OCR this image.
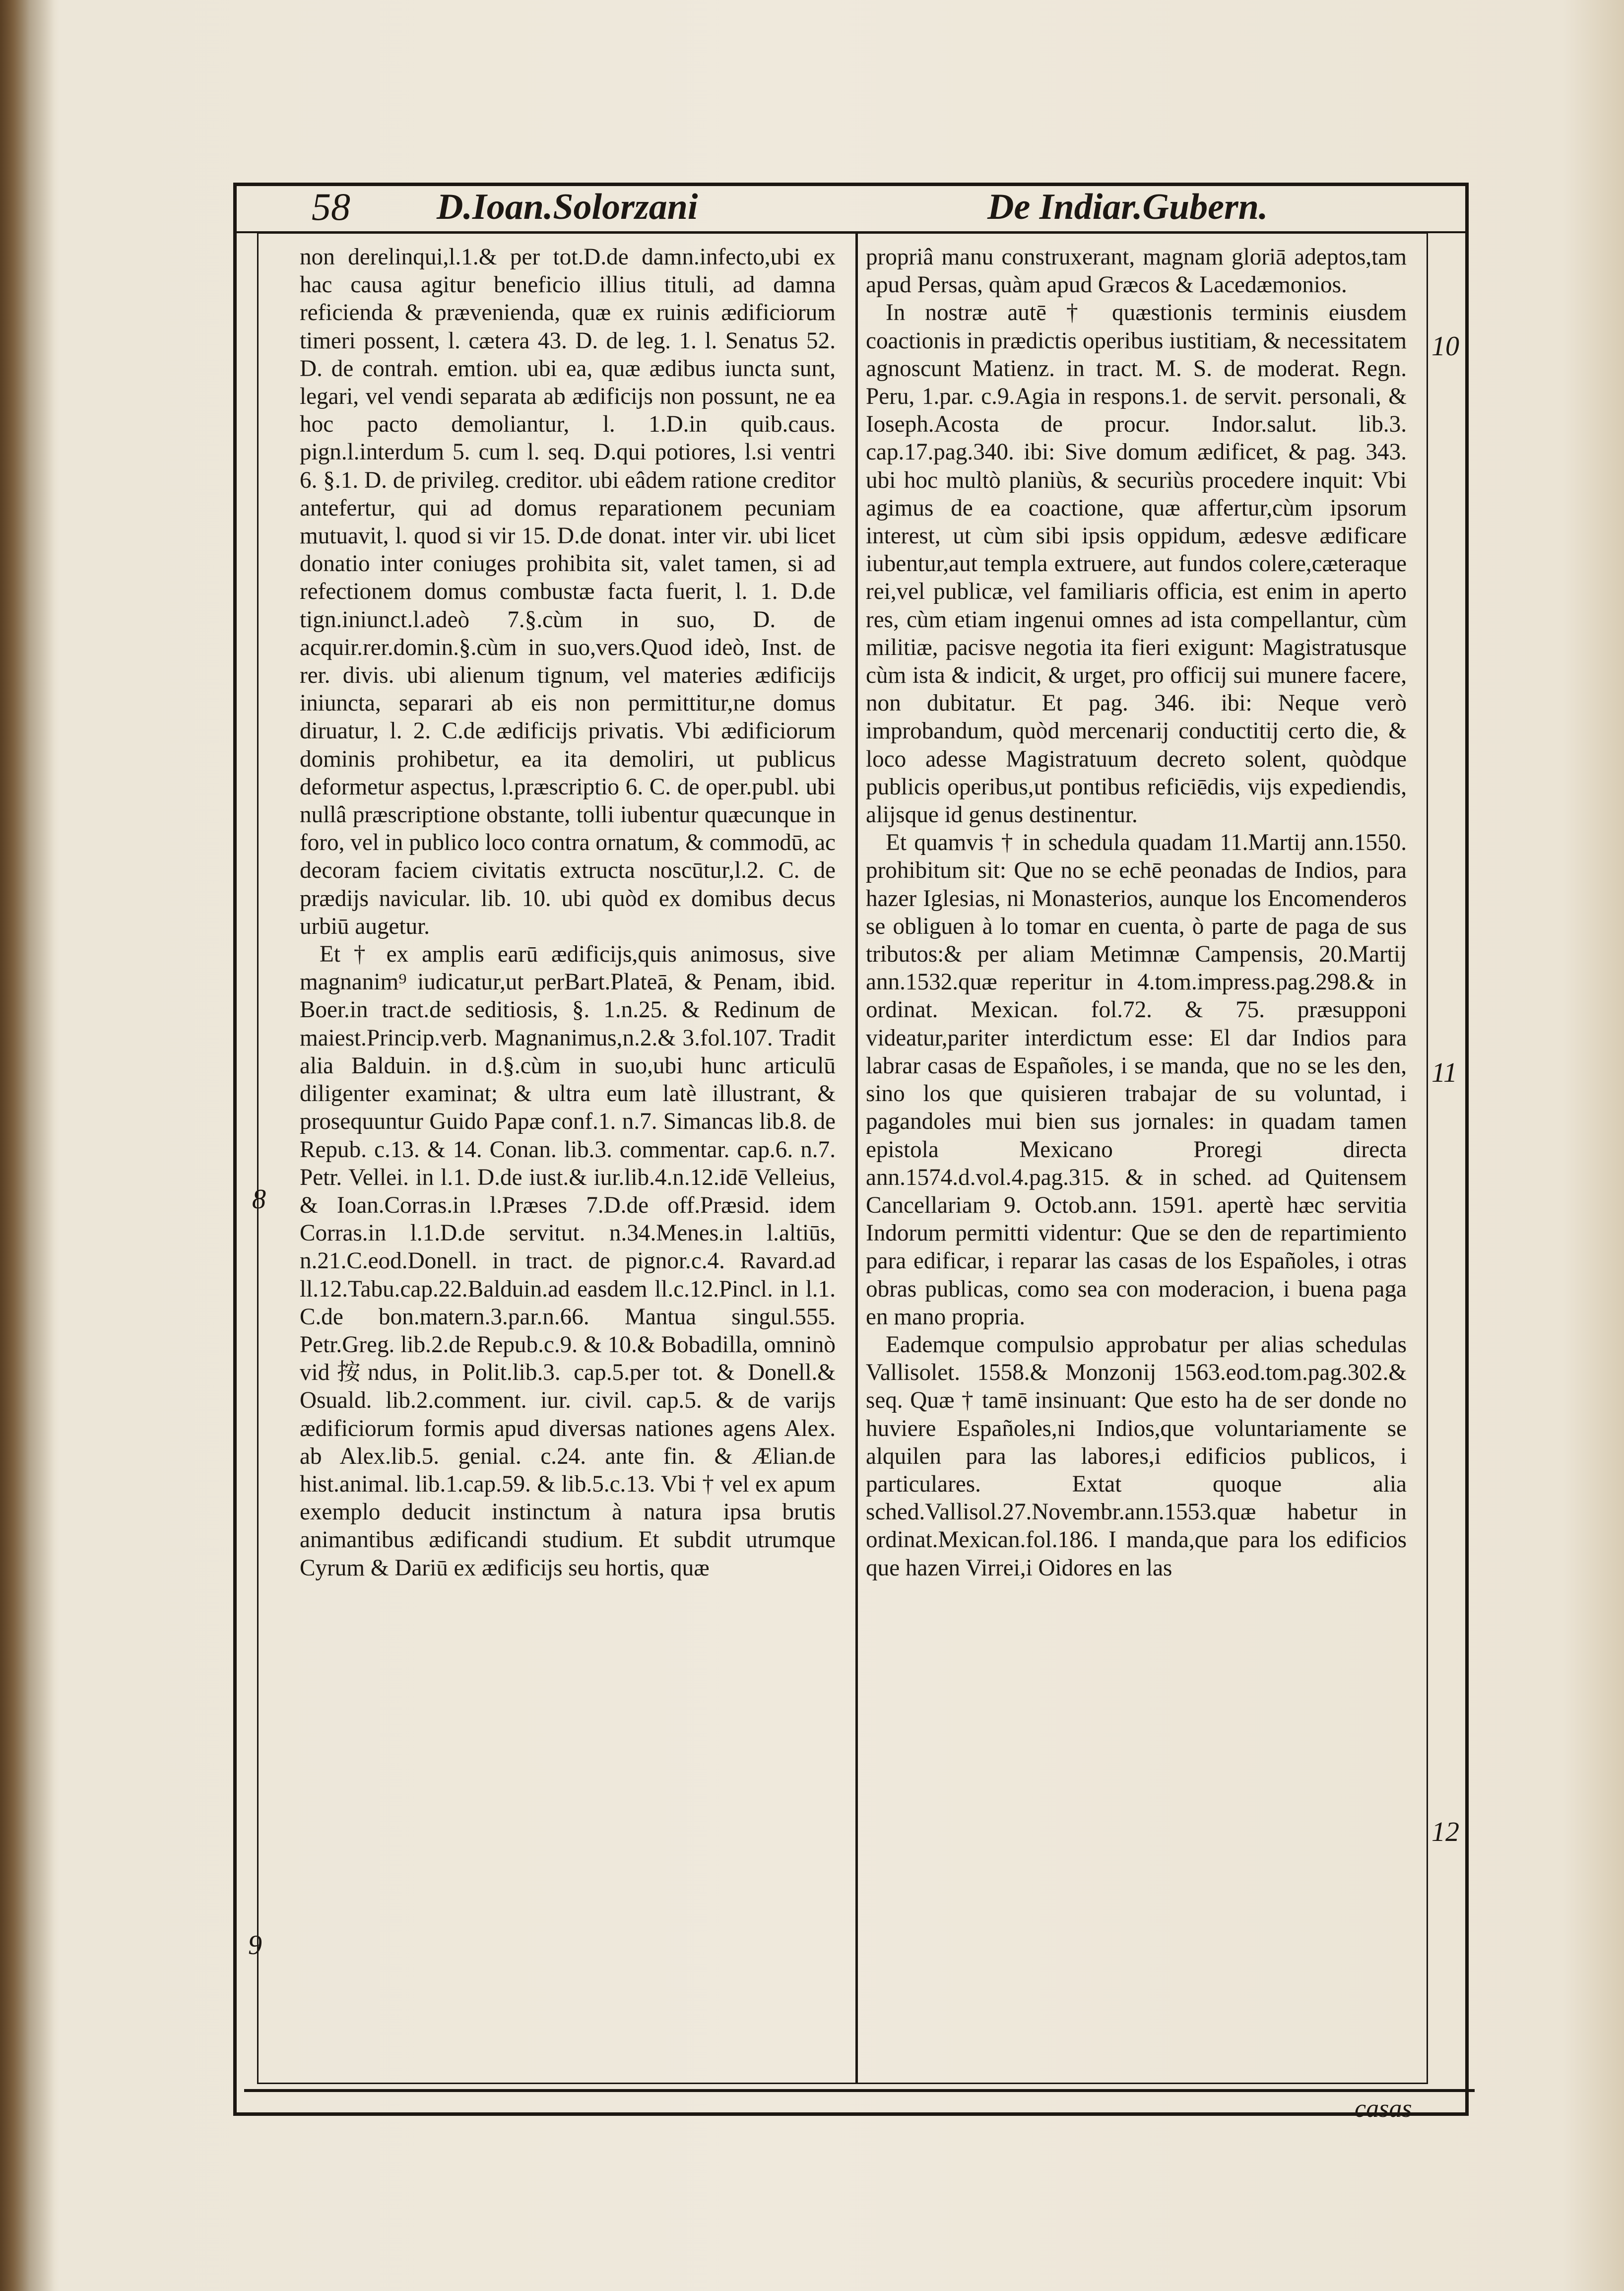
58 D.Ioan.Solorzani	De Indiar.Gubern.

non derelinqui,l.1.& per tot.D.de damn.infecto,ubi ex hac causa agitur beneficio illius tituli, ad damna reficienda & prævenienda, quæ ex ruinis ædificiorum timeri possent, l. cætera 43. D. de leg. 1. l. Senatus 52. D. de contrah. emtion. ubi ea, quæ ædibus iuncta sunt, legari, vel vendi separata ab ædificijs non possunt, ne ea hoc pacto demoliantur, l. 1.D.in quib.caus. pign.l.interdum 5. cum l. seq. D.qui potiores, l.si ventri 6. §.1. D. de privileg. creditor. ubi eâdem ratione creditor antefertur, qui ad domus reparationem pecuniam mutuavit, l. quod si vir 15. D.de donat. inter vir. ubi licet donatio inter coniuges prohibita sit, valet tamen, si ad refectionem domus combustæ facta fuerit, l. 1. D.de tign.iniunct.l.adeò 7.§.cùm in suo, D. de acquir.rer.domin.§.cùm in suo,vers.Quod ideò, Inst. de rer. divis. ubi alienum tignum, vel materies ædificijs iniuncta, separari ab eis non permittitur,ne domus diruatur, l. 2. C.de ædificijs privatis. Vbi ædificiorum dominis prohibetur, ea ita demoliri, ut publicus deformetur aspectus, l.præscriptio 6. C. de oper.publ. ubi nullâ præscriptione obstante, tolli iubentur quæcunque in foro, vel in publico loco contra ornatum, & commodū, ac decoram faciem civitatis extructa noscūtur,l.2. C. de prædijs navicular. lib. 10. ubi quòd ex domibus decus urbiū augetur.

Et † ex amplis earū ædificijs,quis animosus, sive magnanim⁹ iudicatur,ut perBart.Plateā, & Penam, ibid. Boer.in tract.de seditiosis, §. 1.n.25. & Redinum de maiest.Princip.verb. Magnanimus,n.2.& 3.fol.107. Tradit alia Balduin. in d.§.cùm in suo,ubi hunc articulū diligenter examinat; & ultra eum latè illustrant, & prosequuntur Guido Papæ conf.1. n.7. Simancas lib.8. de Repub. c.13. & 14. Conan. lib.3. commentar. cap.6. n.7. Petr. Vellei. in l.1. D.de iust.& iur.lib.4.n.12.idē Velleius, & Ioan.Corras.in l.Præses 7.D.de off.Præsid. idem Corras.in l.1.D.de servitut. n.34.Menes.in l.altiūs, n.21.C.eod.Donell. in tract. de pignor.c.4. Ravard.ad ll.12.Tabu.cap.22.Balduin.ad easdem ll.c.12.Pincl. in l.1. C.de bon.matern.3.par.n.66. Mantua singul.555. Petr.Greg. lib.2.de Repub.c.9. & 10.& Bobadilla, omninò vid按ndus, in Polit.lib.3. cap.5.per tot. & Donell.& Osuald. lib.2.comment. iur. civil. cap.5. & de varijs ædificiorum formis apud diversas nationes agens Alex. ab Alex.lib.5. genial. c.24. ante fin. & Ælian.de hist.animal. lib.1.cap.59. & lib.5.c.13. Vbi † vel ex apum exemplo deducit instinctum à natura ipsa brutis animantibus ædificandi studium. Et subdit utrumque Cyrum & Dariū ex ædificijs seu hortis, quæ

propriâ manu construxerant, magnam gloriā adeptos,tam apud Persas, quàm apud Græcos & Lacedæmonios.

In nostræ autē † quæstionis terminis eiusdem coactionis in prædictis operibus iustitiam, & necessitatem agnoscunt Matienz. in tract. M. S. de moderat. Regn. Peru, 1.par. c.9.Agia in respons.1. de servit. personali, & Ioseph.Acosta de procur. Indor.salut. lib.3. cap.17.pag.340. ibi: Sive domum ædificet, & pag. 343. ubi hoc multò planiùs, & securiùs procedere inquit: Vbi agimus de ea coactione, quæ affertur,cùm ipsorum interest, ut cùm sibi ipsis oppidum, ædesve ædificare iubentur,aut templa extruere, aut fundos colere,cæteraque rei,vel publicæ, vel familiaris officia, est enim in aperto res, cùm etiam ingenui omnes ad ista compellantur, cùm militiæ, pacisve negotia ita fieri exigunt: Magistratusque cùm ista & indicit, & urget, pro officij sui munere facere, non dubitatur. Et pag. 346. ibi: Neque verò improbandum, quòd mercenarij conductitij certo die, & loco adesse Magistratuum decreto solent, quòdque publicis operibus,ut pontibus reficiēdis, vijs expediendis, alijsque id genus destinentur.

Et quamvis † in schedula quadam 11.Martij ann.1550. prohibitum sit: Que no se echē peonadas de Indios, para hazer Iglesias, ni Monasterios, aunque los Encomenderos se obliguen à lo tomar en cuenta, ò parte de paga de sus tributos:& per aliam Metimnæ Campensis, 20.Martij ann.1532.quæ reperitur in 4.tom.impress.pag.298.& in ordinat. Mexican. fol.72. & 75. præsupponi videatur,pariter interdictum esse: El dar Indios para labrar casas de Españoles, i se manda, que no se les den, sino los que quisieren trabajar de su voluntad, i pagandoles mui bien sus jornales: in quadam tamen epistola Mexicano Proregi directa ann.1574.d.vol.4.pag.315. & in sched. ad Quitensem Cancellariam 9. Octob.ann. 1591. apertè hæc servitia Indorum permitti videntur: Que se den de repartimiento para edificar, i reparar las casas de los Españoles, i otras obras publicas, como sea con moderacion, i buena paga en mano propria.

Eademque compulsio approbatur per alias schedulas Vallisolet. 1558.& Monzonij 1563.eod.tom.pag.302.& seq. Quæ † tamē insinuant: Que esto ha de ser donde no huviere Españoles,ni Indios,que voluntariamente se alquilen para las labores,i edificios publicos, i particulares. Extat quoque alia sched.Vallisol.27.Novembr.ann.1553.quæ habetur in ordinat.Mexican.fol.186. I manda,que para los edificios que hazen Virrei,i Oidores en las

8
9
10
11
12
casas
